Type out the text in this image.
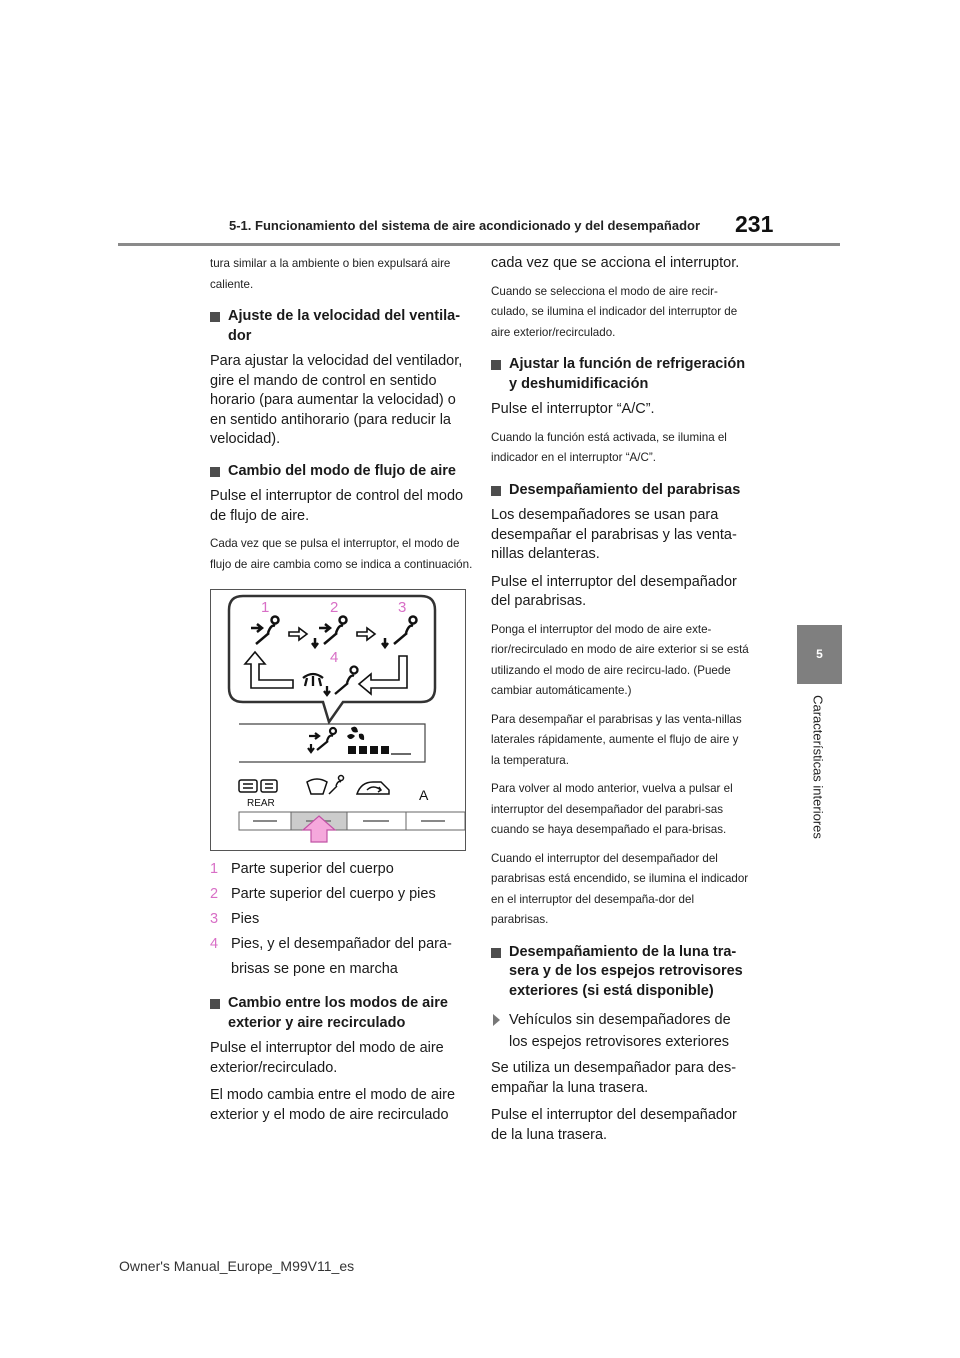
5-1. Funcionamiento del sistema de aire acondicionado y del desempañador 231
5
Características interiores

tura similar a la ambiente o bien expulsará aire caliente.

Ajuste de la velocidad del ventila-dor

Para ajustar la velocidad del ventilador, gire el mando de control en sentido horario (para aumentar la velocidad) o en sentido antihorario (para reducir la velocidad).

Cambio del modo de flujo de aire

Pulse el interruptor de control del modo de flujo de aire.

Cada vez que se pulsa el interruptor, el modo de flujo de aire cambia como se indica a continuación.

1	2	3
4
REAR
A
1 Parte superior del cuerpo
2 Parte superior del cuerpo y pies
3 Pies
4 Pies, y el desempañador del para-
brisas se pone en marcha
Cambio entre los modos de aire exterior y aire recirculado

Pulse el interruptor del modo de aire exterior/recirculado.

El modo cambia entre el modo de aire exterior y el modo de aire recirculado

cada vez que se acciona el interruptor.

Cuando se selecciona el modo de aire recir-culado, se ilumina el indicador del interruptor de aire exterior/recirculado.

Ajustar la función de refrigeración y deshumidificación

Pulse el interruptor “A/C”.

Cuando la función está activada, se ilumina el indicador en el interruptor “A/C”.

Desempañamiento del parabrisas

Los desempañadores se usan para desempañar el parabrisas y las venta-nillas delanteras.

Pulse el interruptor del desempañador del parabrisas.

Ponga el interruptor del modo de aire exte-rior/recirculado en modo de aire exterior si se está utilizando el modo de aire recircu-lado. (Puede cambiar automáticamente.)

Para desempañar el parabrisas y las venta-nillas laterales rápidamente, aumente el flujo de aire y la temperatura.

Para volver al modo anterior, vuelva a pulsar el interruptor del desempañador del parabri-sas cuando se haya desempañado el para-brisas.

Cuando el interruptor del desempañador del parabrisas está encendido, se ilumina el indicador en el interruptor del desempaña-dor del parabrisas.

Desempañamiento de la luna tra-sera y de los espejos retrovisores exteriores (si está disponible)
Vehículos sin desempañadores de los espejos retrovisores exteriores

Se utiliza un desempañador para des-empañar la luna trasera.

Pulse el interruptor del desempañador de la luna trasera.

Owner's Manual_Europe_M99V11_es
